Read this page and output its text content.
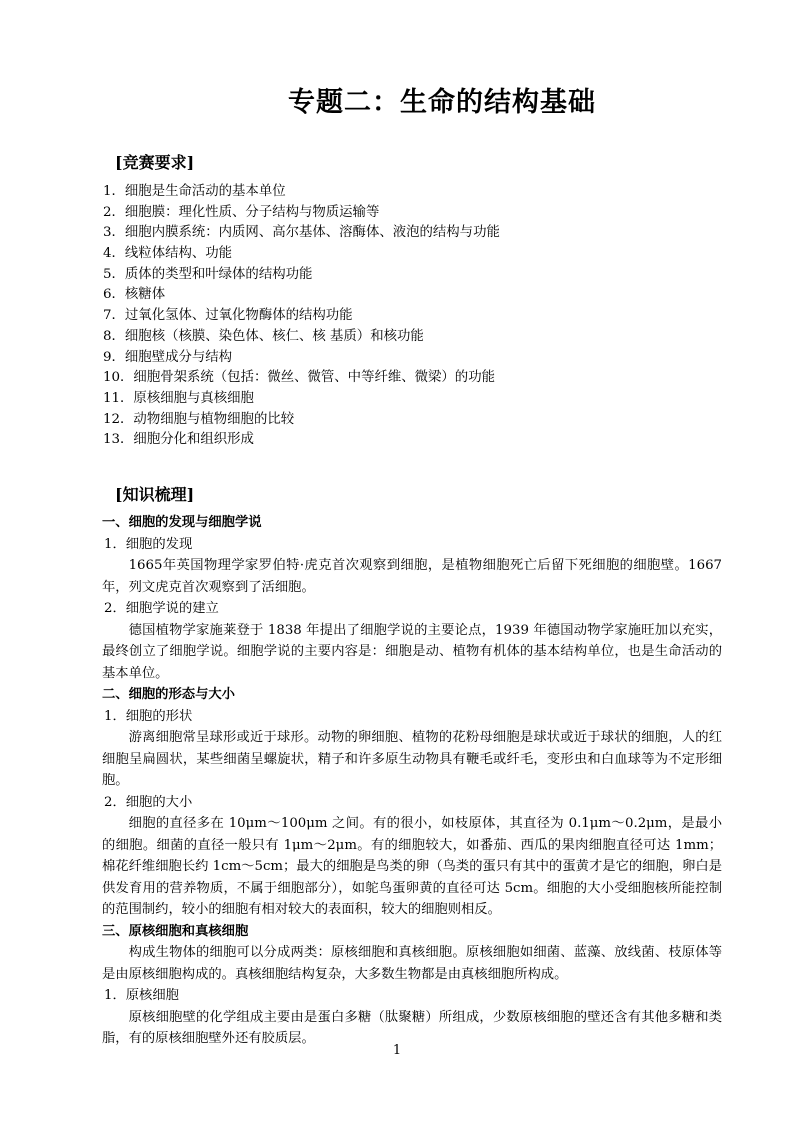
专题二：生命的结构基础
[竞赛要求]
1．细胞是生命活动的基本单位
2．细胞膜：理化性质、分子结构与物质运输等
3．细胞内膜系统：内质网、高尔基体、溶酶体、液泡的结构与功能
4．线粒体结构、功能
5．质体的类型和叶绿体的结构功能
6．核糖体
7．过氧化氢体、过氧化物酶体的结构功能
8．细胞核（核膜、染色体、核仁、核 基质）和核功能
9．细胞壁成分与结构
10．细胞骨架系统（包括：微丝、微管、中等纤维、微梁）的功能
11．原核细胞与真核细胞
12．动物细胞与植物细胞的比较
13．细胞分化和组织形成
[知识梳理]
一、细胞的发现与细胞学说
1．细胞的发现

1665年英国物理学家罗伯特·虎克首次观察到细胞，是植物细胞死亡后留下死细胞的细胞壁。1667年，列文虎克首次观察到了活细胞。

2．细胞学说的建立

德国植物学家施莱登于 1838 年提出了细胞学说的主要论点，1939 年德国动物学家施旺加以充实，最终创立了细胞学说。细胞学说的主要内容是：细胞是动、植物有机体的基本结构单位，也是生命活动的基本单位。

二、细胞的形态与大小
1．细胞的形状

游离细胞常呈球形或近于球形。动物的卵细胞、植物的花粉母细胞是球状或近于球状的细胞，人的红细胞呈扁圆状，某些细菌呈螺旋状，精子和许多原生动物具有鞭毛或纤毛，变形虫和白血球等为不定形细胞。

2．细胞的大小

细胞的直径多在 10μm～100μm 之间。有的很小，如枝原体，其直径为 0.1μm～0.2μm，是最小的细胞。细菌的直径一般只有 1μm～2μm。有的细胞较大，如番茄、西瓜的果肉细胞直径可达 1mm；棉花纤维细胞长约 1cm～5cm；最大的细胞是鸟类的卵（鸟类的蛋只有其中的蛋黄才是它的细胞，卵白是供发育用的营养物质，不属于细胞部分），如鸵鸟蛋卵黄的直径可达 5cm。细胞的大小受细胞核所能控制的范围制约，较小的细胞有相对较大的表面积，较大的细胞则相反。

三、原核细胞和真核细胞

构成生物体的细胞可以分成两类：原核细胞和真核细胞。原核细胞如细菌、蓝藻、放线菌、枝原体等是由原核细胞构成的。真核细胞结构复杂，大多数生物都是由真核细胞所构成。

1．原核细胞

原核细胞壁的化学组成主要由是蛋白多糖（肽聚糖）所组成，少数原核细胞的壁还含有其他多糖和类脂，有的原核细胞壁外还有胶质层。

1
